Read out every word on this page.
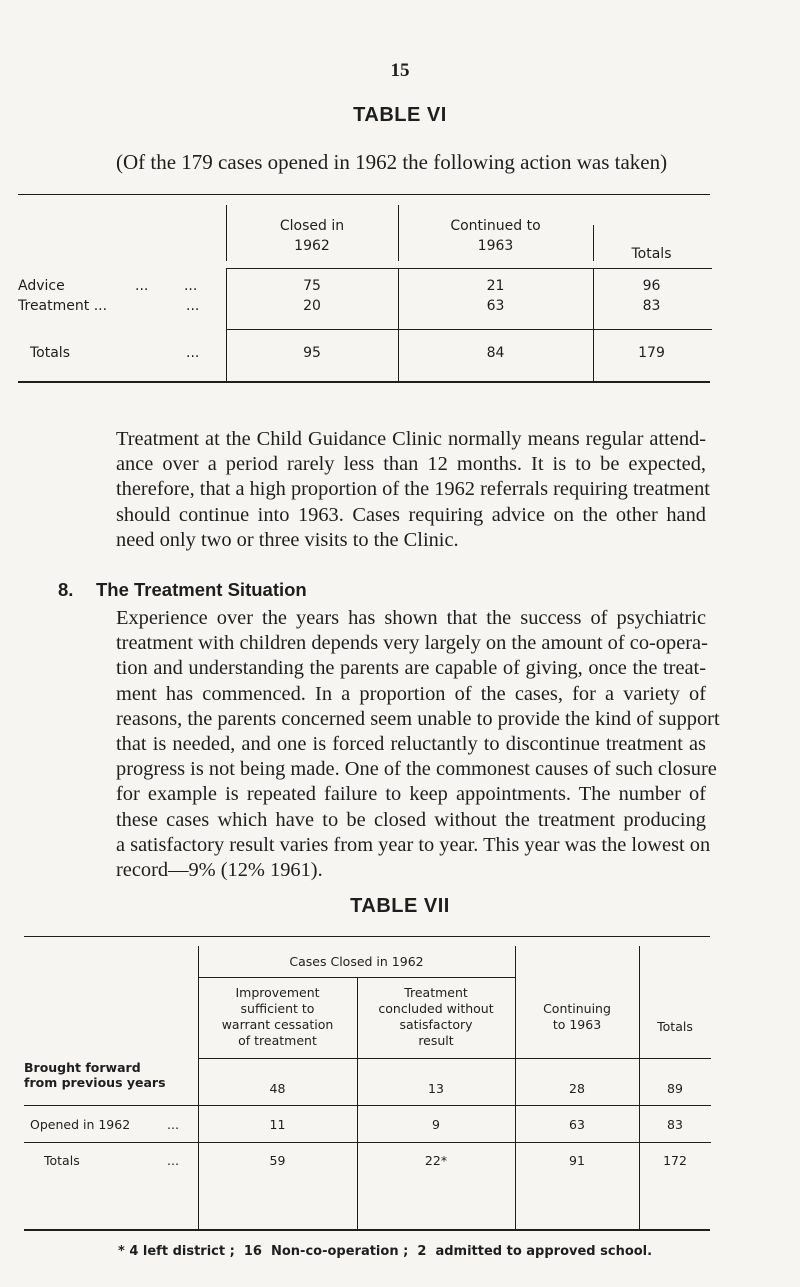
15
TABLE VI
(Of the 179 cases opened in 1962 the following action was taken)
Closed in
1962
Continued to
1963	Totals
Advice	...        ...	75	21	96
Treatment ...	...	20	63	83
Totals	...	95	84	179
Treatment at the Child Guidance Clinic normally means regular attend-
ance over a period rarely less than 12 months. It is to be expected,
therefore, that a high proportion of the 1962 referrals requiring treatment
should continue into 1963. Cases requiring advice on the other hand
need only two or three visits to the Clinic.
8. The Treatment Situation
Experience over the years has shown that the success of psychiatric
treatment with children depends very largely on the amount of co-opera-
tion and understanding the parents are capable of giving, once the treat-
ment has commenced. In a proportion of the cases, for a variety of
reasons, the parents concerned seem unable to provide the kind of support
that is needed, and one is forced reluctantly to discontinue treatment as
progress is not being made. One of the commonest causes of such closure
for example is repeated failure to keep appointments. The number of
these cases which have to be closed without the treatment producing
a satisfactory result varies from year to year. This year was the lowest on
record—9% (12% 1961).
TABLE VII
Cases Closed in 1962
Improvement
sufficient to
warrant cessation
of treatment
Treatment
concluded without
satisfactory
result
Continuing
to 1963	Totals
Brought forward
from previous years	48	13	28	89
Opened in 1962	...	11	9	63	83
Totals	...	59	22*	91	172
* 4 left district ;  16  Non-co-operation ;  2  admitted to approved school.
